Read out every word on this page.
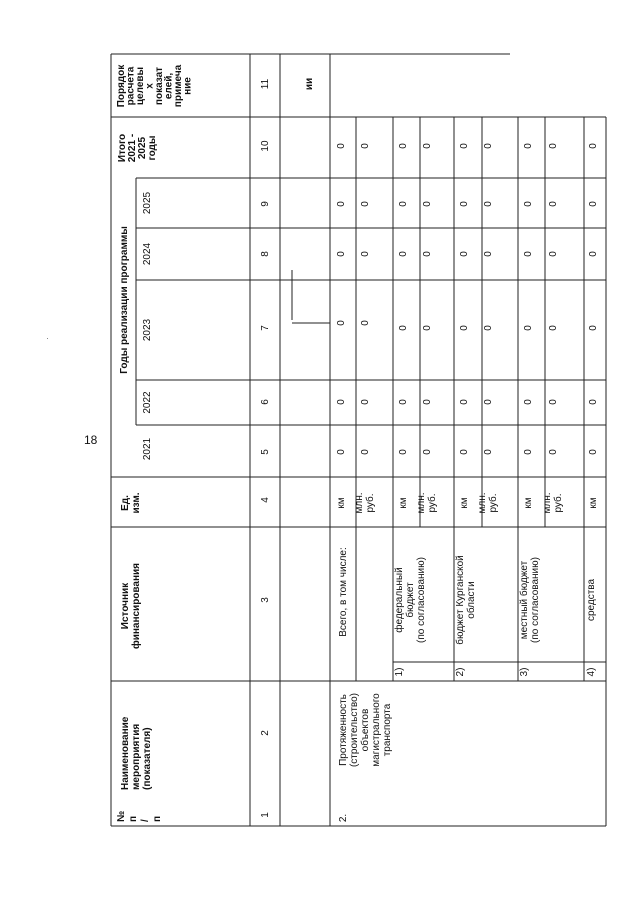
18
№ п / п
Наименование мероприятия (показателя)
Источник финансирования
Ед. изм.
Годы реализации программы
2021
2022
2023
2024
2025
Итого 2021 - 2025 годы
Порядок
расчета
целевы
х
показат
елей,
примеча
ние
1
2
3
4
5
6
7
8
9
10
11	ии
2.
Протяженность (строительство) объектов магистрального транспорта
Всего, в том числе:
1)
федеральный бюджет (по согласованию)
2)
бюджет Курганской области
3)
местный бюджет (по согласованию)
4)
средства
км
0
0
0
0
0
0
млн. руб.
0
0
0
0
0
0
км
0
0
0
0
0
0
млн. руб.
0
0
0
0
0
0
км
0
0
0
0
0
0
млн. руб.
0
0
0
0
0
0
км
0
0
0
0
0
0
млн. руб.
0
0
0
0
0
0
км
0
0
0
0
0
0
